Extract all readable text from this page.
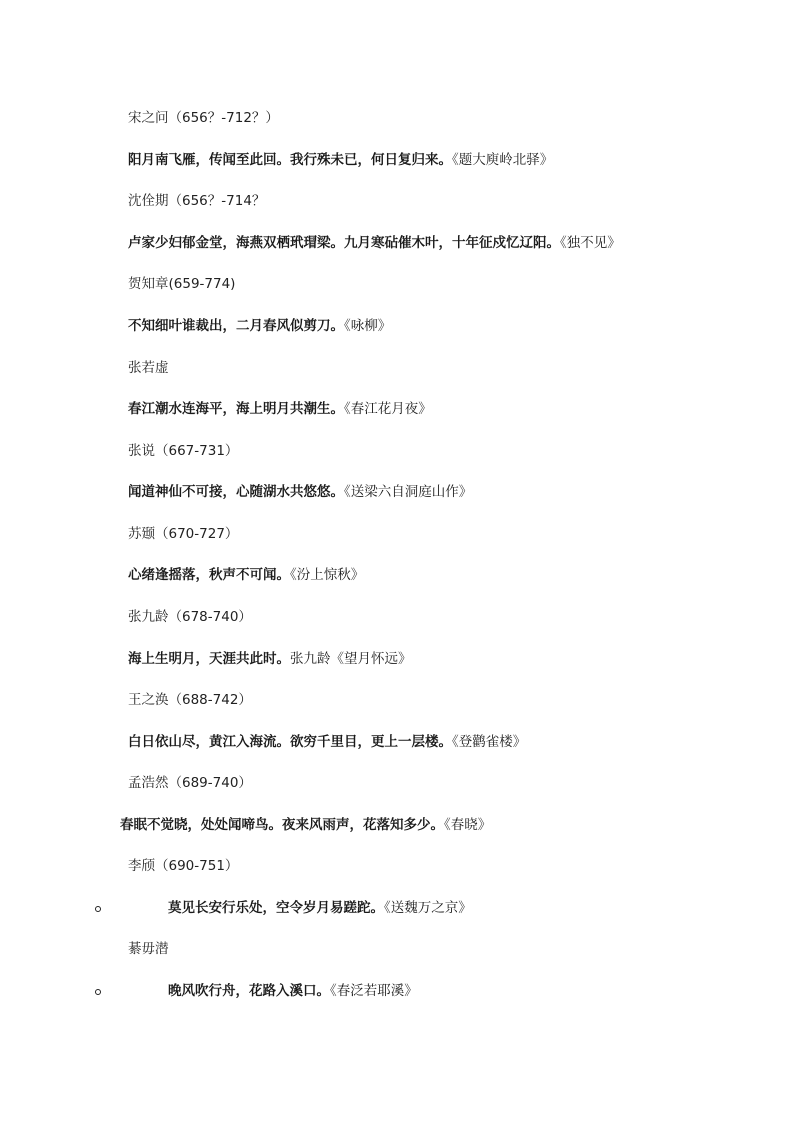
宋之问（656？-712？）
阳月南飞雁，传闻至此回。我行殊未已，何日复归来。《题大庾岭北驿》
沈佺期（656？-714？
卢家少妇郁金堂，海燕双栖玳瑁梁。九月寒砧催木叶，十年征戍忆辽阳。《独不见》
贺知章(659-774)
不知细叶谁裁出，二月春风似剪刀。《咏柳》
张若虚
春江潮水连海平，海上明月共潮生。《春江花月夜》
张说（667-731）
闻道神仙不可接，心随湖水共悠悠。《送梁六自洞庭山作》
苏颋（670-727）
心绪逢摇落，秋声不可闻。《汾上惊秋》
张九龄（678-740）
海上生明月，天涯共此时。张九龄《望月怀远》
王之涣（688-742）
白日依山尽，黄江入海流。欲穷千里目，更上一层楼。《登鹳雀楼》
孟浩然（689-740）
春眠不觉晓，处处闻啼鸟。夜来风雨声，花落知多少。《春晓》
李颀（690-751）
莫见长安行乐处，空令岁月易蹉跎。《送魏万之京》
綦毋潜
晚风吹行舟，花路入溪口。《春泛若耶溪》
